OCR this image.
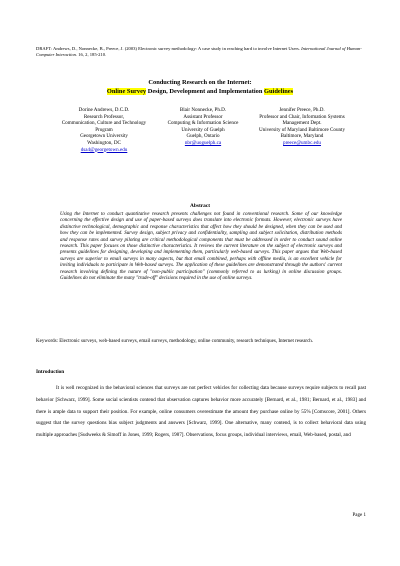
DRAFT: Andrews, D., Nonnecke, B., Preece, J. (2003) Electronic survey methodology: A case study in reaching hard to involve Internet Users. International Journal of Human-Computer Interaction. 16, 2, 185-210.
Conducting Research on the Internet:
Online Survey Design, Development and Implementation Guidelines
Dorine Andrews, D.C.D.
Research Professor,
Communication, Culture and Technology Program
Georgetown University
Washington, DC
dsa4@georgetown.edu
Blair Nonnecke, Ph.D.
Assistant Professor
Computing & Information Science
University of Guelph
Guelph, Ontario
nbr@uoguelph.ca
Jennifer Preece, Ph.D.
Professor and Chair, Information Systems Management Dept.
University of Maryland Baltimore County
Baltimore, Maryland
preece@umbc.edu
Abstract
Using the Internet to conduct quantitative research presents challenges not found in conventional research. Some of our knowledge concerning the effective design and use of paper-based surveys does translate into electronic formats. However, electronic surveys have distinctive technological, demographic and response characteristics that affect how they should be designed, when they can be used and how they can be implemented. Survey design, subject privacy and confidentiality, sampling and subject solicitation, distribution methods and response rates and survey piloting are critical methodological components that must be addressed in order to conduct sound online research. This paper focuses on those distinctive characteristics. It reviews the current literature on the subject of electronic surveys and presents guidelines for designing, developing and implementing them, particularly web-based surveys. This paper argues that Web-based surveys are superior to email surveys in many aspects, but that email combined, perhaps with offline media, is an excellent vehicle for inviting individuals to participate in Web-based surveys. The application of these guidelines are demonstrated through the authors' current research involving defining the nature of "non-public participation" (commonly referred to as lurking) in online discussion groups. Guidelines do not eliminate the many "trade-off" decisions required in the use of online surveys.
Keywords: Electronic surveys, web-based surveys, email surveys, methodology, online community, research techniques, Internet research.
Introduction
It is well recognized in the behavioral sciences that surveys are not perfect vehicles for collecting data because surveys require subjects to recall past behavior [Schwarz, 1999]. Some social scientists contend that observation captures behavior more accurately [Bernard, et al., 1981; Bernard, et al., 1983] and there is ample data to support their position. For example, online consumers overestimate the amount they purchase online by 55% [Comscore, 2001]. Others suggest that the survey questions bias subject judgments and answers [Schwarz, 1999]. One alternative, many contend, is to collect behavioral data using multiple approaches [Sudweeks & Simoff in Jones, 1999; Rogers, 1987]. Observations, focus groups, individual interviews, email, Web-based, postal, and
Page 1
